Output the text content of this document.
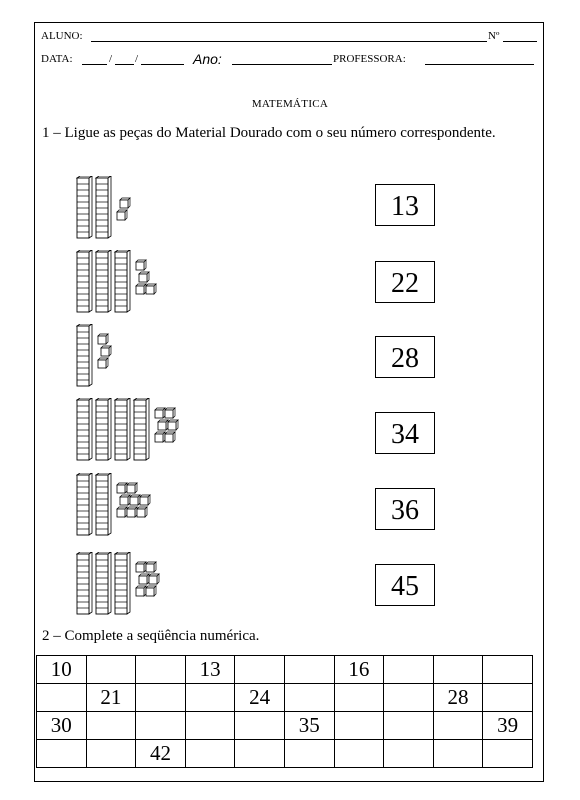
ALUNO:	Nº
DATA:	/ /	Ano:	PROFESSORA:
MATEMÁTICA
1 – Ligue as peças do Material Dourado com o seu número correspondente.
13
22
28
34
36
45
2 – Complete a seqüência numérica.
10			13			16			
	21			24				28	
30					35				39
		42							
